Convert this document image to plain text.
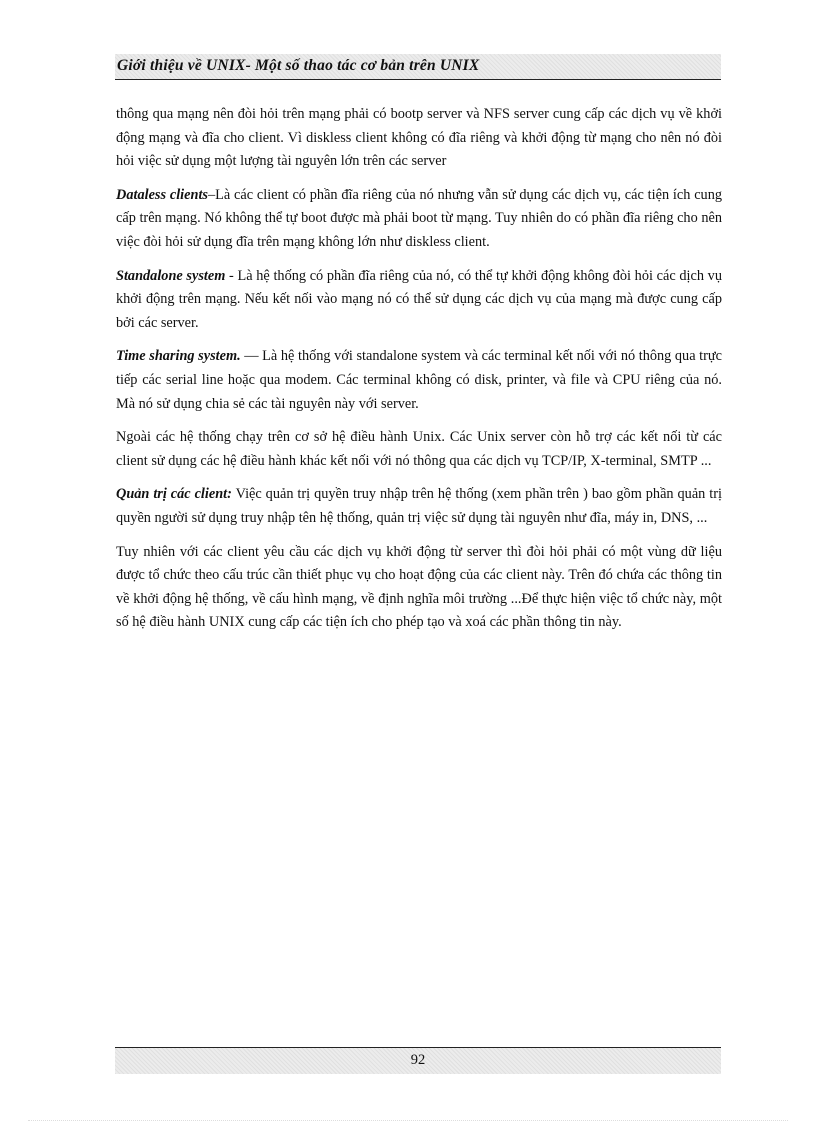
Giới thiệu về UNIX- Một số thao tác cơ bản trên UNIX

thông qua mạng nên đòi hỏi trên mạng phải có bootp server và NFS server cung cấp các dịch vụ về khởi động mạng và đĩa cho client. Vì diskless client không có đĩa riêng và khởi động từ mạng cho nên nó đòi hỏi việc sử dụng một lượng tài nguyên lớn trên các server

Dataless clients–Là các client có phần đĩa riêng của nó nhưng vẫn sử dụng các dịch vụ, các tiện ích cung cấp trên mạng. Nó không thể tự boot được mà phải boot từ mạng. Tuy nhiên do có phần đĩa riêng cho nên việc đòi hỏi sử dụng đĩa trên mạng không lớn như diskless client.

Standalone system - Là hệ thống có phần đĩa riêng của nó, có thể tự khởi động không đòi hỏi các dịch vụ khởi động trên mạng. Nếu kết nối vào mạng nó có thể sử dụng các dịch vụ của mạng mà được cung cấp bởi các server.

Time sharing system. — Là hệ thống với standalone system và các terminal kết nối với nó thông qua trực tiếp các serial line hoặc qua modem. Các terminal không có disk, printer, và file và CPU riêng của nó. Mà nó sử dụng chia sẻ các tài nguyên này với server.

Ngoài các hệ thống chạy trên cơ sở hệ điều hành Unix. Các Unix server còn hỗ trợ các kết nối từ các client sử dụng các hệ điều hành khác kết nối với nó thông qua các dịch vụ TCP/IP, X-terminal, SMTP ...

Quản trị các client: Việc quản trị quyền truy nhập trên hệ thống (xem phần trên ) bao gồm phần quản trị quyền người sử dụng truy nhập tên hệ thống, quản trị việc sử dụng tài nguyên như đĩa, máy in, DNS, ...

Tuy nhiên với các client yêu cầu các dịch vụ khởi động từ server thì đòi hỏi phải có một vùng dữ liệu được tổ chức theo cấu trúc cần thiết phục vụ cho hoạt động của các client này. Trên đó chứa các thông tin về khởi động hệ thống, về cấu hình mạng, về định nghĩa môi trường ...Để thực hiện việc tổ chức này, một số hệ điều hành UNIX cung cấp các tiện ích cho phép tạo và xoá các phần thông tin này.

92
